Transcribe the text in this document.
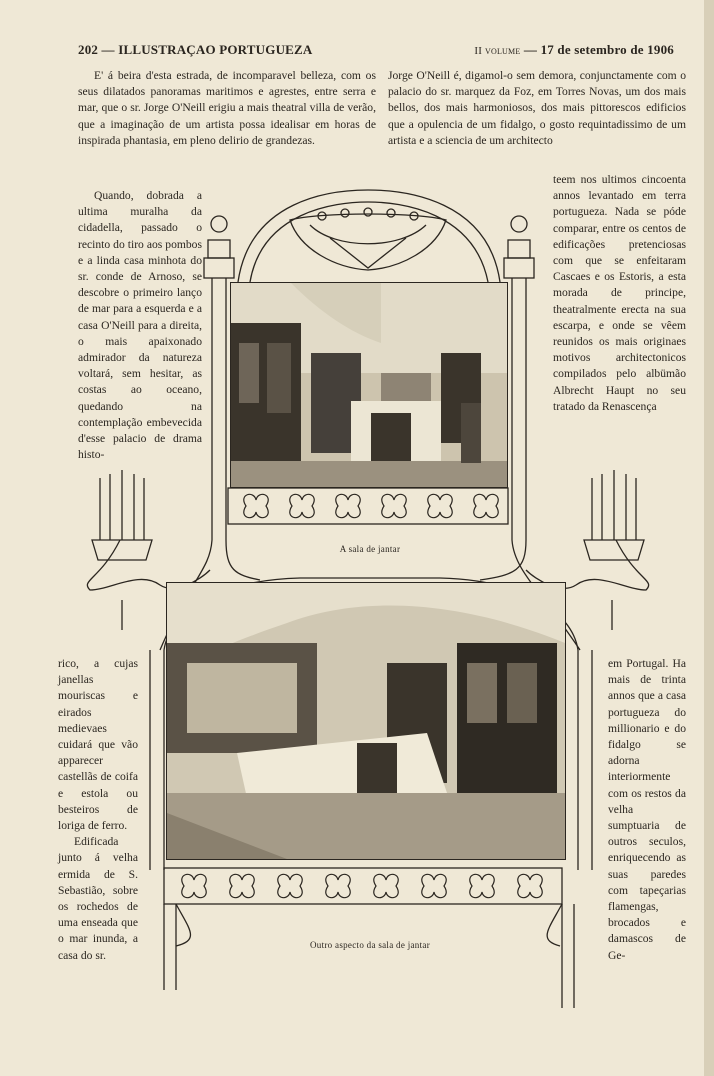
202 — ILLUSTRAÇAO PORTUGUEZA	II volume — 17 de setembro de 1906

E' á beira d'esta estrada, de incomparavel belleza, com os seus dilatados panoramas maritimos e agrestes, entre serra e mar, que o sr. Jorge O'Neill erigiu a mais theatral villa de verão, que a imaginação de um artista possa idealisar em horas de inspirada phantasia, em pleno delirio de grandezas.

Jorge O'Neill é, digamol-o sem demora, conjunctamente com o palacio do sr. marquez da Foz, em Torres Novas, um dos mais bellos, dos mais harmoniosos, dos mais pittorescos edificios que a opulencia de um fidalgo, o gosto requintadissimo de um artista e a sciencia de um architecto

Quando, dobrada a ultima muralha da cidadella, passado o recinto do tiro aos pombos e a linda casa minhota do sr. conde de Arnoso, se descobre o primeiro lanço de mar para a esquerda e a casa O'Neill para a direita, o mais apaixonado admirador da natureza voltará, sem hesitar, as costas ao oceano, quedando na contemplação embevecida d'esse palacio de drama histo-

teem nos ultimos cincoenta annos levantado em terra portugueza. Nada se póde comparar, entre os centos de edificações pretenciosas com que se enfeitaram Cascaes e os Estoris, a esta morada de principe, theatralmente erecta na sua escarpa, e onde se vêem reunidos os mais originaes motivos architectonicos compilados pelo albümão Albrecht Haupt no seu tratado da Renascença

rico, a cujas janellas mouriscas e eirados medievaes cuidará que vão apparecer castellãs de coifa e estola ou besteiros de loriga de ferro.

Edificada junto á velha ermida de S. Sebastião, sobre os rochedos de uma enseada que o mar inunda, a casa do sr.

em Portugal. Ha mais de trinta annos que a casa portugueza do millionario e do fidalgo se adorna interiormente com os restos da velha sumptuaria de outros seculos, enriquecendo as suas paredes com tapeçarias flamengas, brocados e damascos de Ge-

A sala de jantar
Outro aspecto da sala de jantar
